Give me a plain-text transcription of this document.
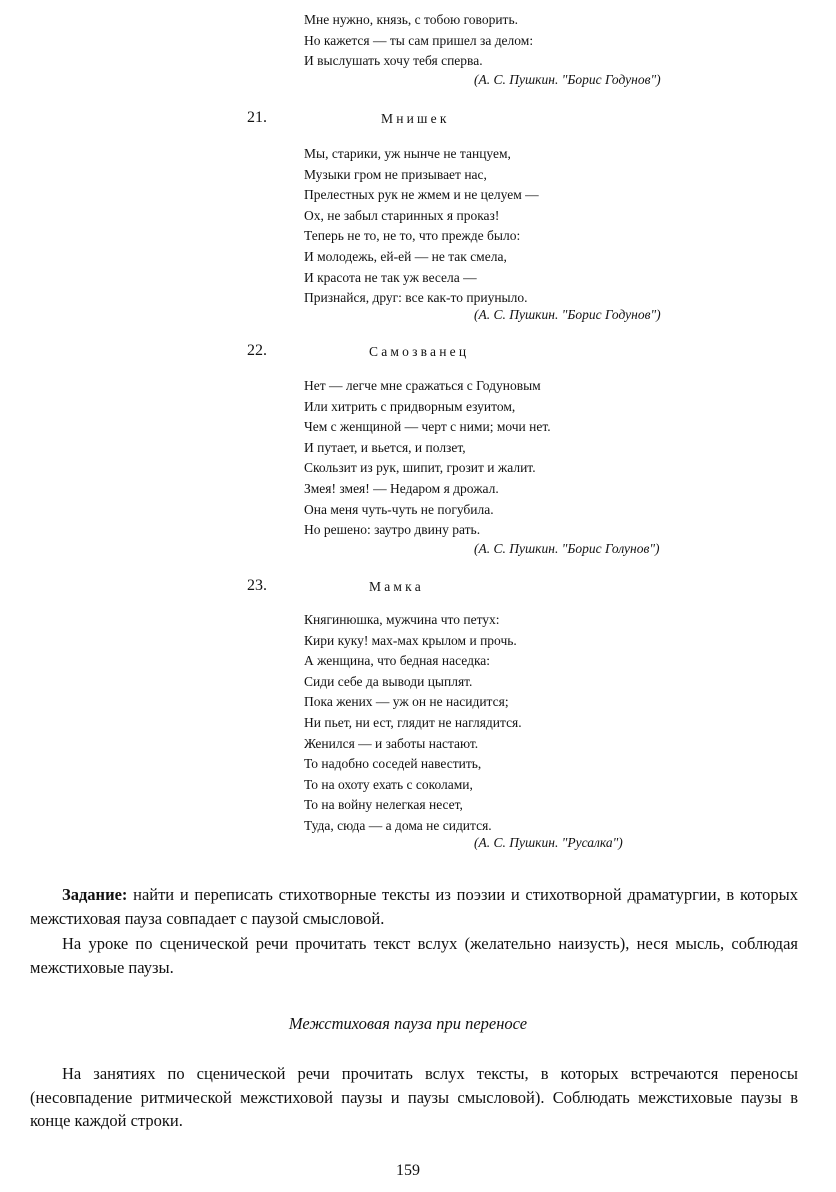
Мне нужно, князь, с тобою говорить.
Но кажется — ты сам пришел за делом:
И выслушать хочу тебя сперва.
(А. С. Пушкин. "Борис Годунов")
21.	Мнишек
Мы, старики, уж нынче не танцуем,
Музыки гром не призывает нас,
Прелестных рук не жмем и не целуем —
Ох, не забыл старинных я проказ!
Теперь не то, не то, что прежде было:
И молодежь, ей-ей — не так смела,
И красота не так уж весела —
Признайся, друг: все как-то приуныло.
(А. С. Пушкин. "Борис Годунов")
22.	Самозванец
Нет — легче мне сражаться с Годуновым
Или хитрить с придворным езуитом,
Чем с женщиной — черт с ними; мочи нет.
И путает, и вьется, и ползет,
Скользит из рук, шипит, грозит и жалит.
Змея! змея! — Недаром я дрожал.
Она меня чуть-чуть не погубила.
Но решено: заутро двину рать.
(А. С. Пушкин. "Борис Голунов")
23.	Мамка
Княгинюшка, мужчина что петух:
Кири куку! мах-мах крылом и прочь.
А женщина, что бедная наседка:
Сиди себе да выводи цыплят.
Пока жених — уж он не насидится;
Ни пьет, ни ест, глядит не наглядится.
Женился — и заботы настают.
То надобно соседей навестить,
То на охоту ехать с соколами,
То на войну нелегкая несет,
Туда, сюда — а дома не сидится.
(А. С. Пушкин. "Русалка")

Задание: найти и переписать стихотворные тексты из поэзии и стихотворной драматургии, в которых межстиховая пауза совпадает с паузой смысловой.

На уроке по сценической речи прочитать текст вслух (желательно наизусть), неся мысль, соблюдая межстиховые паузы.

Межстиховая пауза при переносе

На занятиях по сценической речи прочитать вслух тексты, в которых встречаются переносы (несовпадение ритмической межстиховой паузы и паузы смысловой). Соблюдать межстиховые паузы в конце каждой строки.

159
